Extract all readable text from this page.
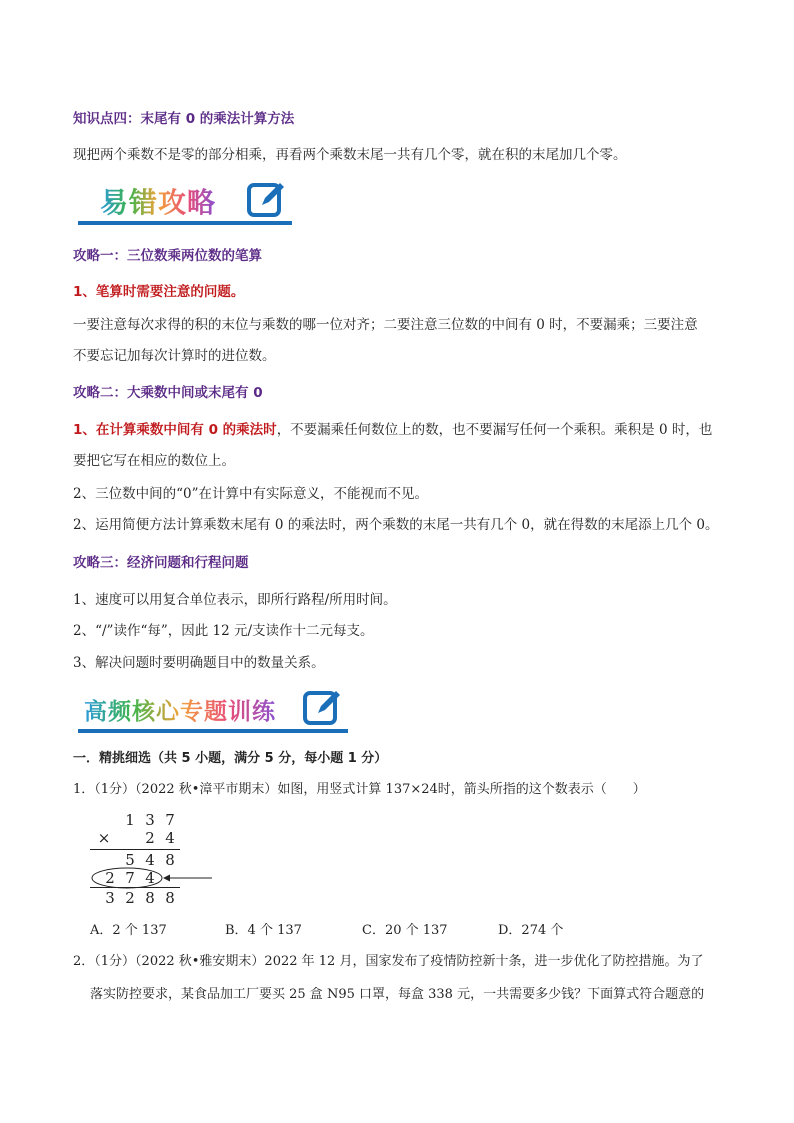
知识点四：末尾有 0 的乘法计算方法
现把两个乘数不是零的部分相乘，再看两个乘数末尾一共有几个零，就在积的末尾加几个零。
易错攻略
攻略一：三位数乘两位数的笔算
1、笔算时需要注意的问题。
一要注意每次求得的积的末位与乘数的哪一位对齐；二要注意三位数的中间有 0 时，不要漏乘；三要注意
不要忘记加每次计算时的进位数。
攻略二：大乘数中间或末尾有 0
1、在计算乘数中间有 0 的乘法时，不要漏乘任何数位上的数，也不要漏写任何一个乘积。乘积是 0 时，也
要把它写在相应的数位上。
2、三位数中间的“0”在计算中有实际意义，不能视而不见。
2、运用简便方法计算乘数末尾有 0 的乘法时，两个乘数的末尾一共有几个 0，就在得数的末尾添上几个 0。
攻略三：经济问题和行程问题
1、速度可以用复合单位表示，即所行路程/所用时间。
2、“/”读作“每”，因此 12 元/支读作十二元每支。
3、解决问题时要明确题目中的数量关系。
高频核心专题训练
一．精挑细选（共 5 小题，满分 5 分，每小题 1 分）
1．（1分）（2022 秋•漳平市期末）如图，用竖式计算 137×24时，箭头所指的这个数表示（　　）
1 3 7
×	2 4
5 4 8
2 7 4
3 2 8 8
A．2 个 137	B．4 个 137	C．20 个 137	D．274 个
2．（1分）（2022 秋•雅安期末）2022 年 12 月，国家发布了疫情防控新十条，进一步优化了防控措施。为了
落实防控要求，某食品加工厂要买 25 盒 N95 口罩，每盒 338 元，一共需要多少钱？下面算式符合题意的
